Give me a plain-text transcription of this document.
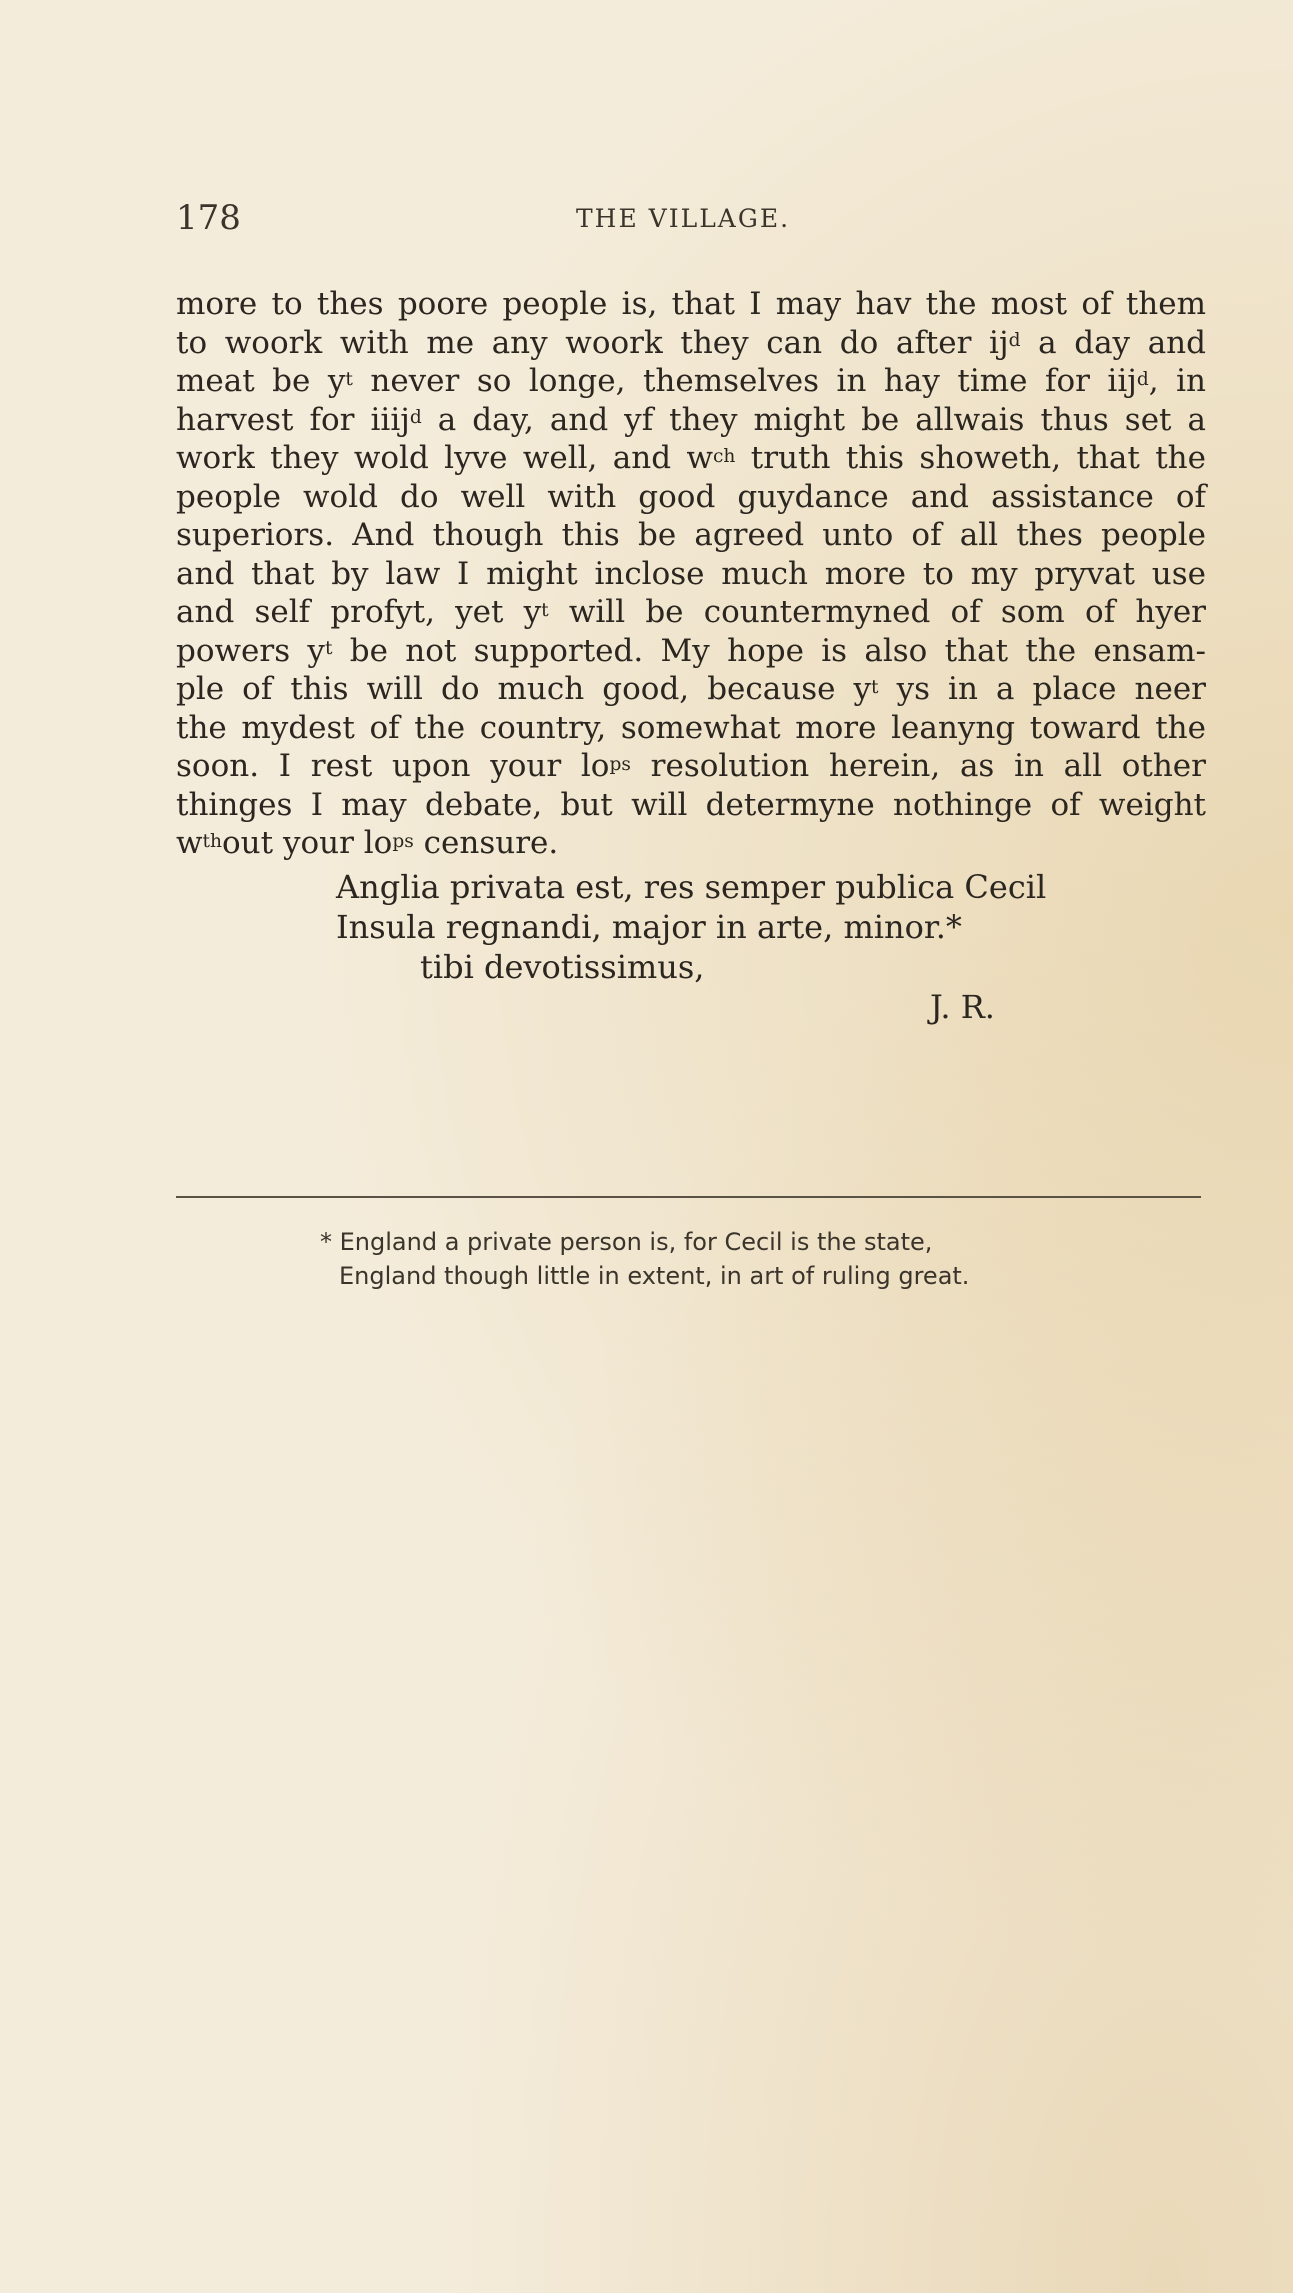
178	THE VILLAGE.
more to thes poore people is, that I may hav the most of them
to woork with me any woork they can do after $ij^d$ a day and
meat be $y^t$ never so longe, themselves in hay time for iij$^d$, in
harvest for iiij$^d$ a day, and yf they might be allwais thus set a
work they wold lyve well, and $w^{ch}$ truth this showeth, that the
people wold do well with good guydance and assistance of
superiors. And though this be agreed unto of all thes people
and that by law I might inclose much more to my pryvat use
and self profyt, yet $y^t$ will be countermyned of som of hyer
powers $y^t$ be not supported. My hope is also that the ensam-
ple of this will do much good, because $y^t$ ys in a place neer
the mydest of the country, somewhat more leanyng toward the
soon. I rest upon your $lo^{ps}$ resolution herein, as in all other
thinges I may debate, but will determyne nothinge of weight
$w^{th}out$ your $lo^{ps}$ censure.
Anglia privata est, res semper publica Cecil
Insula regnandi, major in arte, minor.*
tibi devotissimus,
J. R.
* England a private person is, for Cecil is the state,
England though little in extent, in art of ruling great.
